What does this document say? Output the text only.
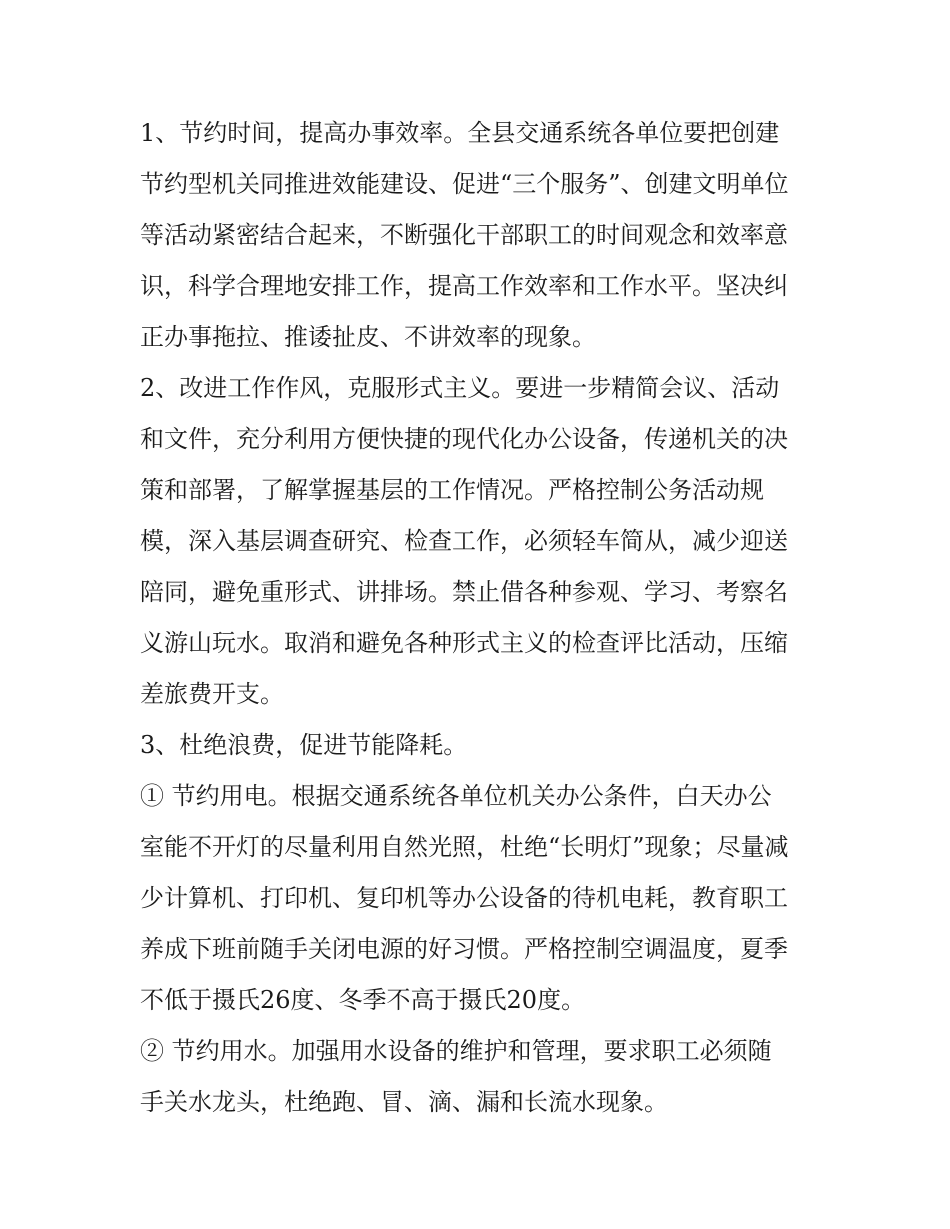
1、节约时间，提高办事效率。全县交通系统各单位要把创建
节约型机关同推进效能建设、促进“三个服务”、创建文明单位
等活动紧密结合起来，不断强化干部职工的时间观念和效率意
识，科学合理地安排工作，提高工作效率和工作水平。坚决纠
正办事拖拉、推诿扯皮、不讲效率的现象。
2、改进工作作风，克服形式主义。要进一步精简会议、活动
和文件，充分利用方便快捷的现代化办公设备，传递机关的决
策和部署，了解掌握基层的工作情况。严格控制公务活动规
模，深入基层调查研究、检查工作，必须轻车简从，减少迎送
陪同，避免重形式、讲排场。禁止借各种参观、学习、考察名
义游山玩水。取消和避免各种形式主义的检查评比活动，压缩
差旅费开支。
3、杜绝浪费，促进节能降耗。
① 节约用电。根据交通系统各单位机关办公条件，白天办公
室能不开灯的尽量利用自然光照，杜绝“长明灯”现象；尽量减
少计算机、打印机、复印机等办公设备的待机电耗，教育职工
养成下班前随手关闭电源的好习惯。严格控制空调温度，夏季
不低于摄氏26度、冬季不高于摄氏20度。
② 节约用水。加强用水设备的维护和管理，要求职工必须随
手关水龙头，杜绝跑、冒、滴、漏和长流水现象。
